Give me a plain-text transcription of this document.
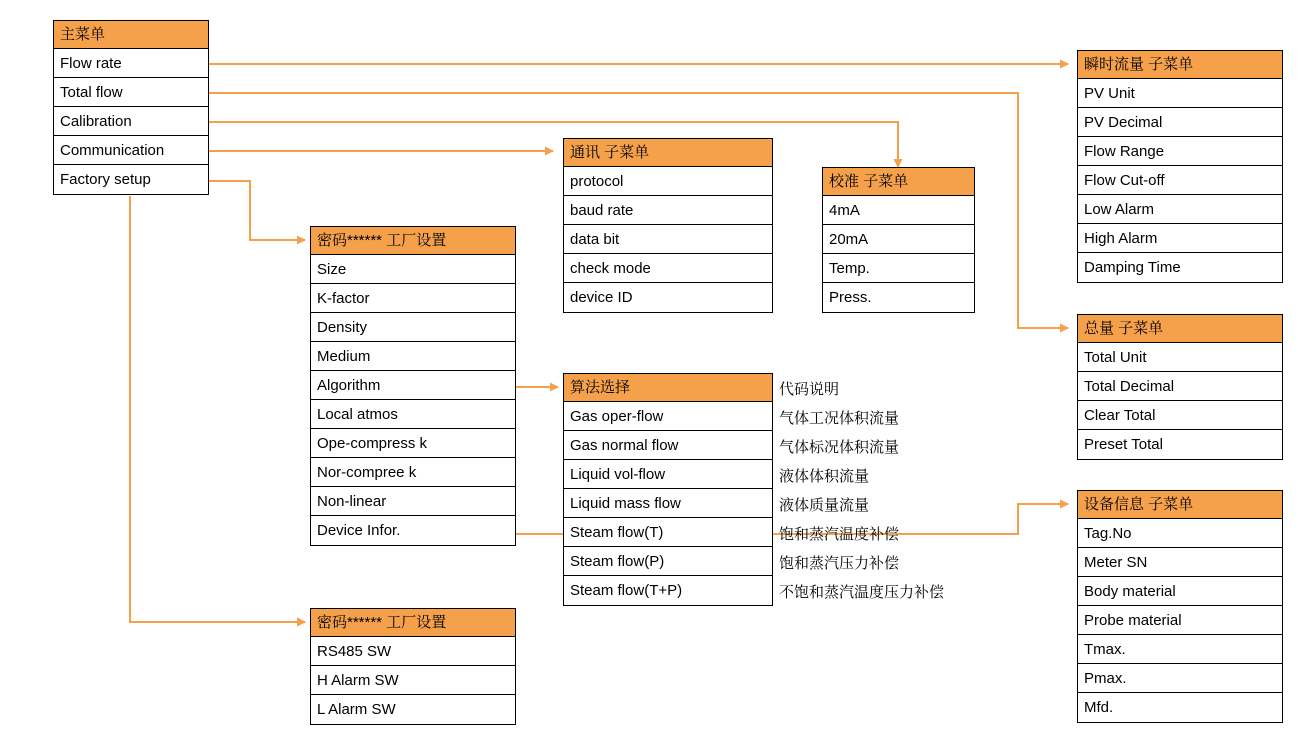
主菜单
Flow rate
Total flow
Calibration
Communication
Factory setup
密码****** 工厂设置
Size
K-factor
Density
Medium
Algorithm
Local atmos
Ope-compress k
Nor-compree k
Non-linear
Device Infor.
密码****** 工厂设置
RS485 SW
H Alarm SW
L Alarm SW
通讯 子菜单
protocol
baud rate
data bit
check mode
device ID
算法选择
Gas oper-flow
Gas normal flow
Liquid vol-flow
Liquid mass flow
Steam flow(T)
Steam flow(P)
Steam flow(T+P)
代码说明
气体工况体积流量
气体标况体积流量
液体体积流量
液体质量流量
饱和蒸汽温度补偿
饱和蒸汽压力补偿
不饱和蒸汽温度压力补偿
校准 子菜单
4mA
20mA
Temp.
Press.
瞬时流量 子菜单
PV Unit
PV Decimal
Flow Range
Flow Cut-off
Low Alarm
High Alarm
Damping Time
总量 子菜单
Total Unit
Total Decimal
Clear Total
Preset Total
设备信息 子菜单
Tag.No
Meter SN
Body material
Probe material
Tmax.
Pmax.
Mfd.
